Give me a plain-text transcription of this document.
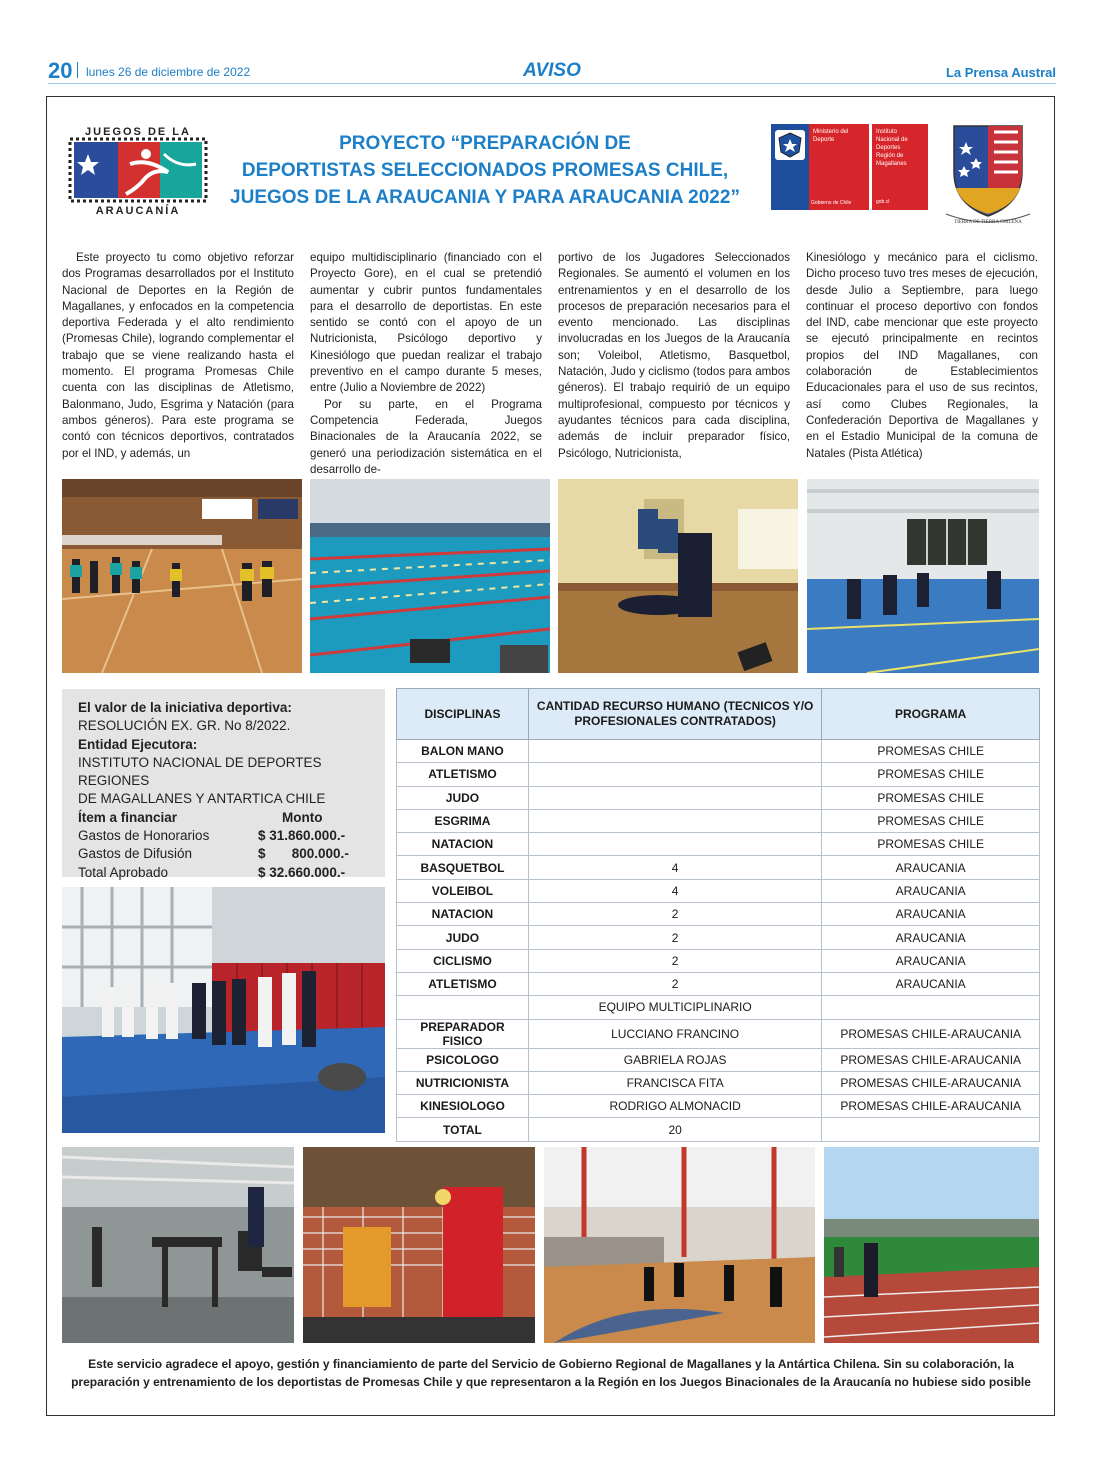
20 lunes 26 de diciembre de 2022	AVISO	La Prensa Austral
JUEGOS DE LA
ARAUCANÍA
PROYECTO “PREPARACIÓN DE
DEPORTISTAS SELECCIONADOS PROMESAS CHILE,
JUEGOS DE LA ARAUCANIA Y PARA ARAUCANIA 2022”
Ministerio del
Deporte
Gobierno de Chile
Instituto
Nacional de
Deportes
Región de Magallanes
gob.cl
TIERRA DE TIERRA CHILENA

Este proyecto tu como objetivo reforzar dos Programas desarrollados por el Instituto Nacional de Deportes en la Región de Magallanes, y enfocados en la competencia deportiva Federada y el alto rendimiento (Promesas Chile), logrando complementar el trabajo que se viene realizando hasta el momento. El programa Promesas Chile cuenta con las disciplinas de Atletismo, Balonmano, Judo, Esgrima y Natación (para ambos géneros). Para este programa se contó con técnicos deportivos, contratados por el IND, y además, un

equipo multidisciplinario (financiado con el Proyecto Gore), en el cual se pretendió aumentar y cubrir puntos fundamentales para el desarrollo de deportistas. En este sentido se contó con el apoyo de un Nutricionista, Psicólogo deportivo y Kinesiólogo que puedan realizar el trabajo preventivo en el campo durante 5 meses, entre (Julio a Noviembre de 2022)

Por su parte, en el Programa Competencia Federada, Juegos Binacionales de la Araucanía 2022, se generó una periodización sistemática en el desarrollo de-

portivo de los Jugadores Seleccionados Regionales. Se aumentó el volumen en los entrenamientos y en el desarrollo de los procesos de preparación necesarios para el evento mencionado. Las disciplinas involucradas en los Juegos de la Araucanía son; Voleibol, Atletismo, Basquetbol, Natación, Judo y ciclismo (todos para ambos géneros). El trabajo requirió de un equipo multiprofesional, compuesto por técnicos y ayudantes técnicos para cada disciplina, además de incluir preparador físico, Psicólogo, Nutricionista,

Kinesiólogo y mecánico para el ciclismo. Dicho proceso tuvo tres meses de ejecución, desde Julio a Septiembre, para luego continuar el proceso deportivo con fondos del IND, cabe mencionar que este proyecto se ejecutó principalmente en recintos propios del IND Magallanes, con colaboración de Establecimientos Educacionales para el uso de sus recintos, así como Clubes Regionales, la Confederación Deportiva de Magallanes y en el Estadio Municipal de la comuna de Natales (Pista Atlética)

El valor de la iniciativa deportiva:
RESOLUCIÓN EX. GR. No 8/2022.
Entidad Ejecutora:
INSTITUTO NACIONAL DE DEPORTES REGIONES
DE MAGALLANES Y ANTARTICA CHILE
Ítem a financiar	Monto
Gastos de Honorarios	$ 31.860.000.-
Gastos de Difusión	$       800.000.-
Total Aprobado	$ 32.660.000.-
DISCIPLINAS	CANTIDAD RECURSO HUMANO (TECNICOS Y/O PROFESIONALES CONTRATADOS)	PROGRAMA
BALON MANO		PROMESAS CHILE
ATLETISMO		PROMESAS CHILE
JUDO		PROMESAS CHILE
ESGRIMA		PROMESAS CHILE
NATACION		PROMESAS CHILE
BASQUETBOL	4	ARAUCANIA
VOLEIBOL	4	ARAUCANIA
NATACION	2	ARAUCANIA
JUDO	2	ARAUCANIA
CICLISMO	2	ARAUCANIA
ATLETISMO	2	ARAUCANIA
	EQUIPO MULTICIPLINARIO	
PREPARADOR FISICO	LUCCIANO FRANCINO	PROMESAS CHILE-ARAUCANIA
PSICOLOGO	GABRIELA ROJAS	PROMESAS CHILE-ARAUCANIA
NUTRICIONISTA	FRANCISCA FITA	PROMESAS CHILE-ARAUCANIA
KINESIOLOGO	RODRIGO ALMONACID	PROMESAS CHILE-ARAUCANIA
TOTAL	20	
Este servicio agradece el apoyo, gestión y financiamiento de parte del Servicio de Gobierno Regional de Magallanes y la Antártica Chilena. Sin su colaboración, la
preparación y entrenamiento de los deportistas de Promesas Chile y que representaron a la Región en los Juegos Binacionales de la Araucanía no hubiese sido posible
